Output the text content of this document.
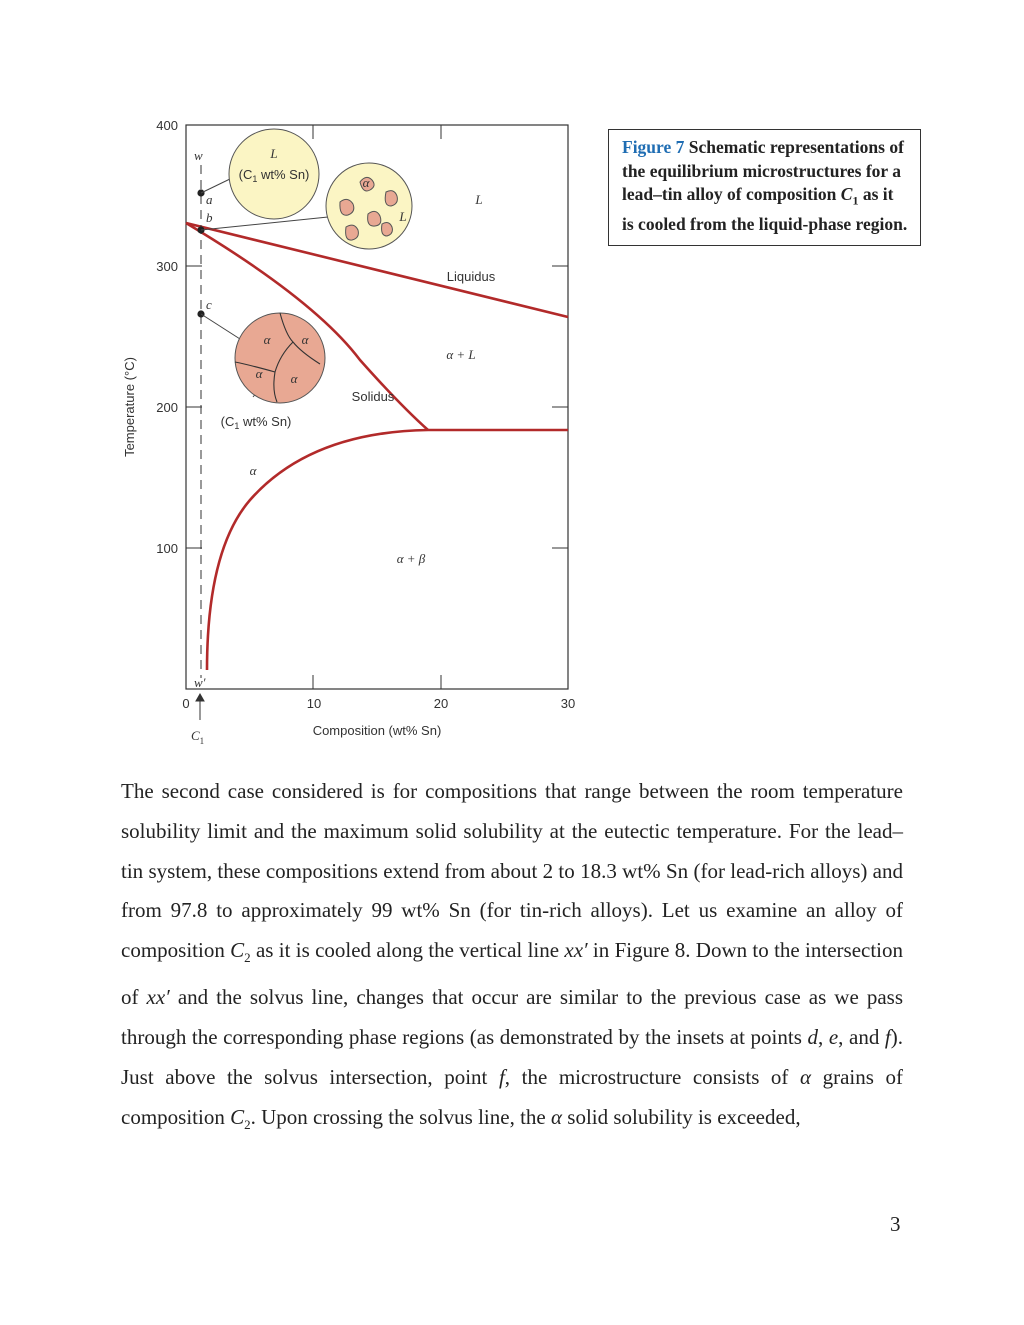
400
300
200
100
0	10	20	30
Temperature (°C)
Composition (wt% Sn)
$C_1$
w
w′
a
b
c
L
($C_1$ wt% Sn)
α
L
α α
α α
($C_1$ wt% Sn)
L
Liquidus
α + L
Solidus
α
α + β
Figure 7 Schematic representations of the equilibrium microstructures for a lead–tin alloy of composition $C_1$ as it is cooled from the liquid-phase region.

The second case considered is for compositions that range between the room temperature solubility limit and the maximum solid solubility at the eutectic temperature. For the lead–tin system, these compositions extend from about 2 to 18.3 wt% Sn (for lead-rich alloys) and from 97.8 to approximately 99 wt% Sn (for tin-rich alloys). Let us examine an alloy of composition $C_2$ as it is cooled along the vertical line xx′ in Figure 8. Down to the intersection of xx′ and the solvus line, changes that occur are similar to the previous case as we pass through the corresponding phase regions (as demonstrated by the insets at points d, e, and f). Just above the solvus intersection, point f, the microstructure consists of α grains of composition $C_2$. Upon crossing the solvus line, the α solid solubility is exceeded,

3
